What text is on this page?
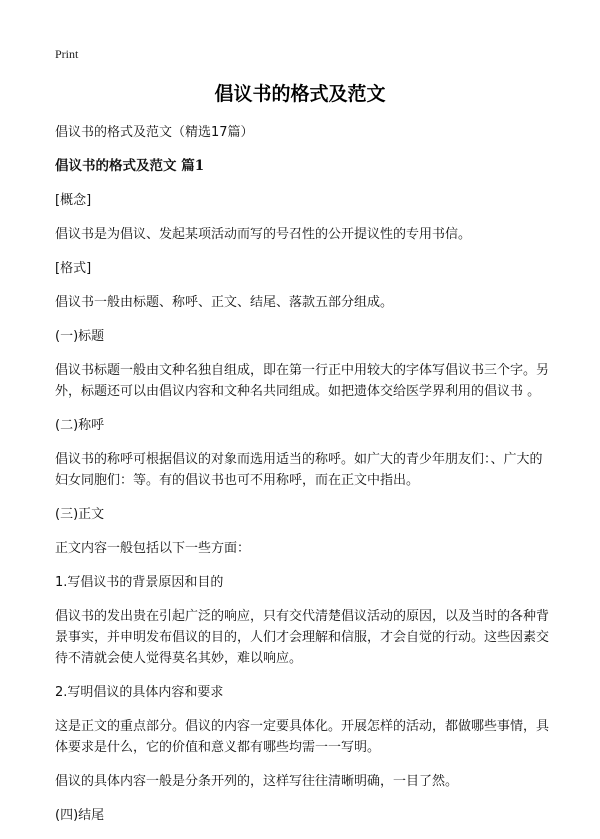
Print
倡议书的格式及范文
倡议书的格式及范文（精选17篇）
倡议书的格式及范文 篇1
[概念]
倡议书是为倡议、发起某项活动而写的号召性的公开提议性的专用书信。
[格式]
倡议书一般由标题、称呼、正文、结尾、落款五部分组成。
(一)标题
倡议书标题一般由文种名独自组成，即在第一行正中用较大的字体写倡议书三个字。另外，标题还可以由倡议内容和文种名共同组成。如把遗体交给医学界利用的倡议书 。
(二)称呼
倡议书的称呼可根据倡议的对象而选用适当的称呼。如广大的青少年朋友们：、广大的妇女同胞们：等。有的倡议书也可不用称呼，而在正文中指出。
(三)正文
正文内容一般包括以下一些方面：
1.写倡议书的背景原因和目的
倡议书的发出贵在引起广泛的响应，只有交代清楚倡议活动的原因，以及当时的各种背景事实，并申明发布倡议的目的，人们才会理解和信服，才会自觉的行动。这些因素交待不清就会使人觉得莫名其妙，难以响应。
2.写明倡议的具体内容和要求
这是正文的重点部分。倡议的内容一定要具体化。开展怎样的活动，都做哪些事情，具体要求是什么，它的价值和意义都有哪些均需一一写明。
倡议的具体内容一般是分条开列的，这样写往往清晰明确，一目了然。
(四)结尾
